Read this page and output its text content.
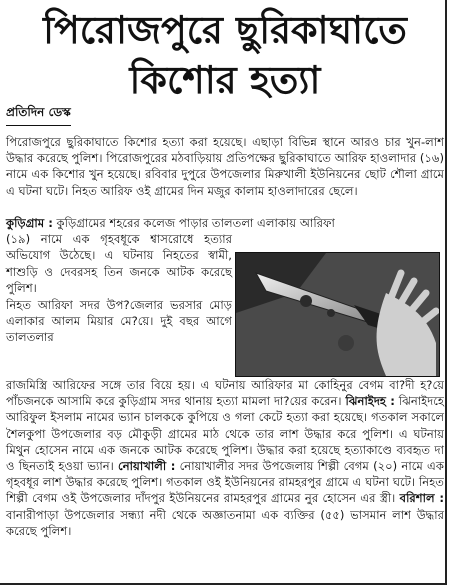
পিরোজপুরে ছুরিকাঘাতে
কিশোর হত্যা
প্রতিদিন ডেস্ক

পিরোজপুরে ছুরিকাঘাতে কিশোর হত্যা করা হয়েছে। এছাড়া বিভিন্ন স্থানে আরও চার খুন-লাশ উদ্ধার করেছে পুলিশ। পিরোজপুরের মঠবাড়িয়ায় প্রতিপক্ষের ছুরিকাঘাতে আরিফ হাওলাদার (১৬) নামে এক কিশোর খুন হয়েছে। রবিবার দুপুরে উপজেলার মিরুখালী ইউনিয়নের ছোট শৌলা গ্রামে এ ঘটনা ঘটে। নিহত আরিফ ওই গ্রামের দিন মজুর কালাম হাওলাদারের ছেলে।

কুড়িগ্রাম : কুড়িগ্রামের শহরের কলেজ পাড়ার তালতলা এলাকায় আরিফা
(১৯) নামে এক গৃহবধূকে শ্বাসরোধে হত্যার অভিযোগ উঠেছে। এ ঘটনায় নিহতের স্বামী, শাশুড়ি ও দেবরসহ তিন জনকে আটক করেছে পুলিশ।

নিহত আরিফা সদর উপ?জেলার ভরসার মোড় এলাকার আলম মিয়ার মে?য়ে। দুই বছর আগে তালতলার

রাজমিস্ত্রি আরিফের সঙ্গে তার বিয়ে হয়। এ ঘটনায় আরিফার মা কোহিনুর বেগম বা?দী হ?য়ে পাঁচজনকে আসামি করে কুড়িগ্রাম সদর থানায় হত্যা মামলা দা?য়ের করেন। ঝিনাইদহ : ঝিনাইদহে আরিফুল ইসলাম নামের ভ্যান চালককে কুপিয়ে ও গলা কেটে হত্যা করা হয়েছে। গতকাল সকালে শৈলকুপা উপজেলার বড় মৌকুড়ী গ্রামের মাঠ থেকে তার লাশ উদ্ধার করে পুলিশ। এ ঘটনায় মিথুন হোসেন নামে এক জনকে আটক করেছে পুলিশ। উদ্ধার করা হয়েছে হত্যাকাণ্ডে ব্যবহৃত দা ও ছিনতাই হওয়া ভ্যান। নোয়াখালী : নোয়াখালীর সদর উপজেলায় শিল্পী বেগম (২০) নামে এক গৃহবধূর লাশ উদ্ধার করেছে পুলিশ। গতকাল ওই ইউনিয়নের রামহরপুর গ্রামে এ ঘটনা ঘটে। নিহত শিল্পী বেগম ওই উপজেলার দাঁদপুর ইউনিয়নের রামহরপুর গ্রামের নুর হোসেন এর স্ত্রী। বরিশাল : বানারীপাড়া উপজেলার সন্ধ্যা নদী থেকে অজ্ঞাতনামা এক ব্যক্তির (৫৫) ভাসমান লাশ উদ্ধার করেছে পুলিশ।
